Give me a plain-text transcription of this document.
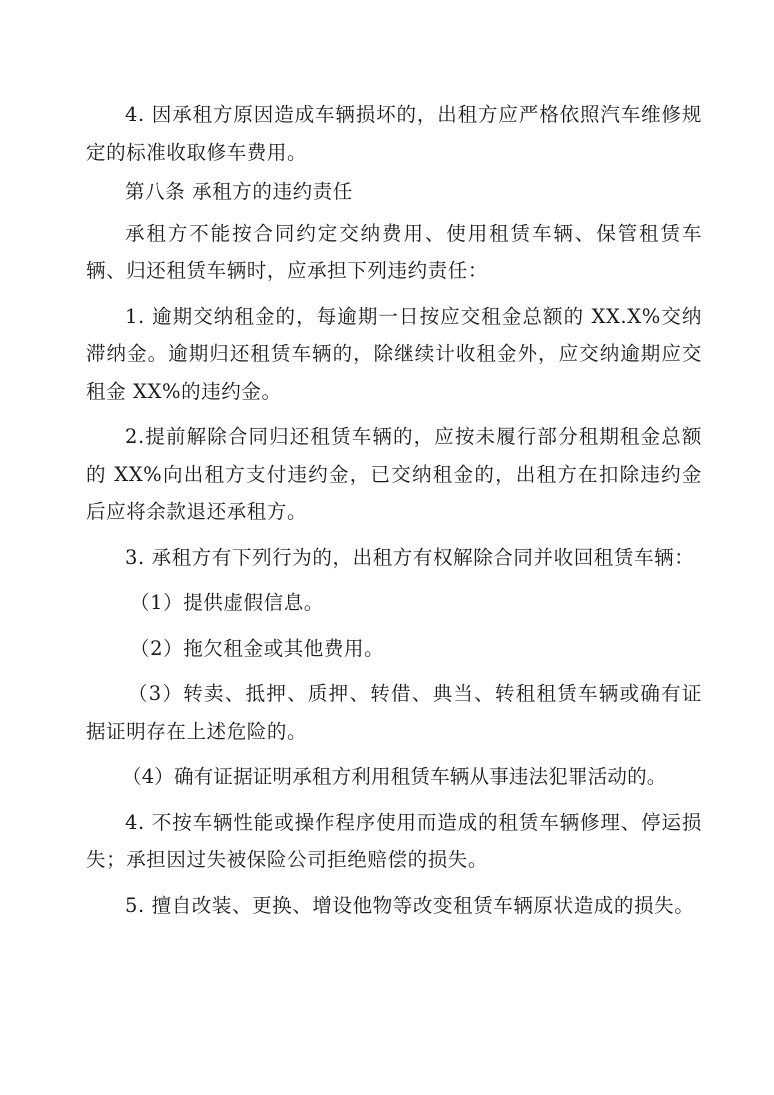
4. 因承租方原因造成车辆损坏的，出租方应严格依照汽车维修规定的标准收取修车费用。

第八条 承租方的违约责任

承租方不能按合同约定交纳费用、使用租赁车辆、保管租赁车辆、归还租赁车辆时，应承担下列违约责任：

1. 逾期交纳租金的，每逾期一日按应交租金总额的 XX.X%交纳滞纳金。逾期归还租赁车辆的，除继续计收租金外，应交纳逾期应交租金 XX%的违约金。

2.提前解除合同归还租赁车辆的，应按未履行部分租期租金总额的 XX%向出租方支付违约金，已交纳租金的，出租方在扣除违约金后应将余款退还承租方。

3. 承租方有下列行为的，出租方有权解除合同并收回租赁车辆：

（1）提供虚假信息。

（2）拖欠租金或其他费用。

（3）转卖、抵押、质押、转借、典当、转租租赁车辆或确有证据证明存在上述危险的。

（4）确有证据证明承租方利用租赁车辆从事违法犯罪活动的。

4. 不按车辆性能或操作程序使用而造成的租赁车辆修理、停运损失；承担因过失被保险公司拒绝赔偿的损失。

5. 擅自改装、更换、增设他物等改变租赁车辆原状造成的损失。
